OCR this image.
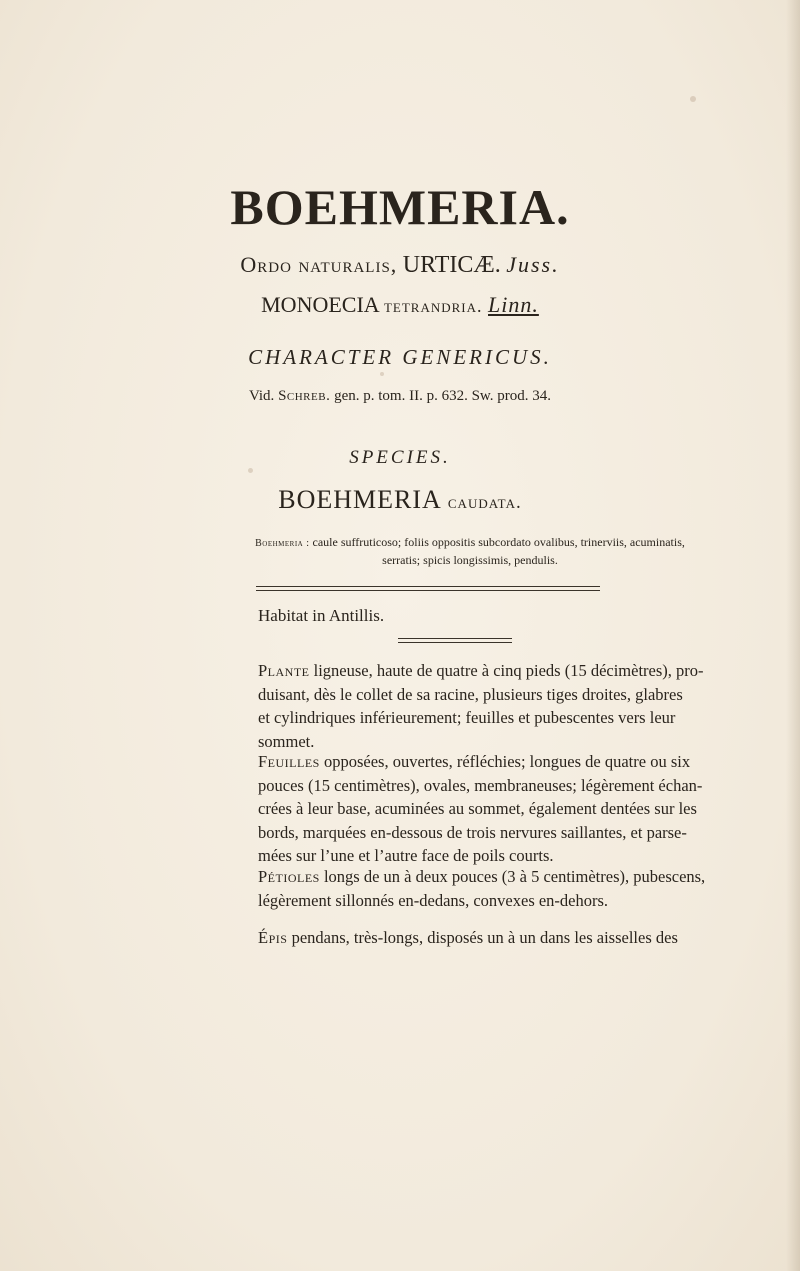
BOEHMERIA.
Ordo naturalis, URTICÆ. Juss.
MONOECIA tetrandria. Linn.
CHARACTER GENERICUS.
Vid. Schreb. gen. p. tom. II. p. 632. Sw. prod. 34.
SPECIES.
BOEHMERIA caudata.
Boehmeria : caule suffruticoso; foliis oppositis subcordato ovalibus, trinerviis, acuminatis,
serratis; spicis longissimis, pendulis.
Habitat in Antillis.
Plante ligneuse, haute de quatre à cinq pieds (15 décimètres), pro-
duisant, dès le collet de sa racine, plusieurs tiges droites, glabres
et cylindriques inférieurement; feuilles et pubescentes vers leur
sommet.
Feuilles opposées, ouvertes, réfléchies; longues de quatre ou six
pouces (15 centimètres), ovales, membraneuses; légèrement échan-
crées à leur base, acuminées au sommet, également dentées sur les
bords, marquées en-dessous de trois nervures saillantes, et parse-
mées sur l’une et l’autre face de poils courts.
Pétioles longs de un à deux pouces (3 à 5 centimètres), pubescens,
légèrement sillonnés en-dedans, convexes en-dehors.
Épis pendans, très-longs, disposés un à un dans les aisselles des
